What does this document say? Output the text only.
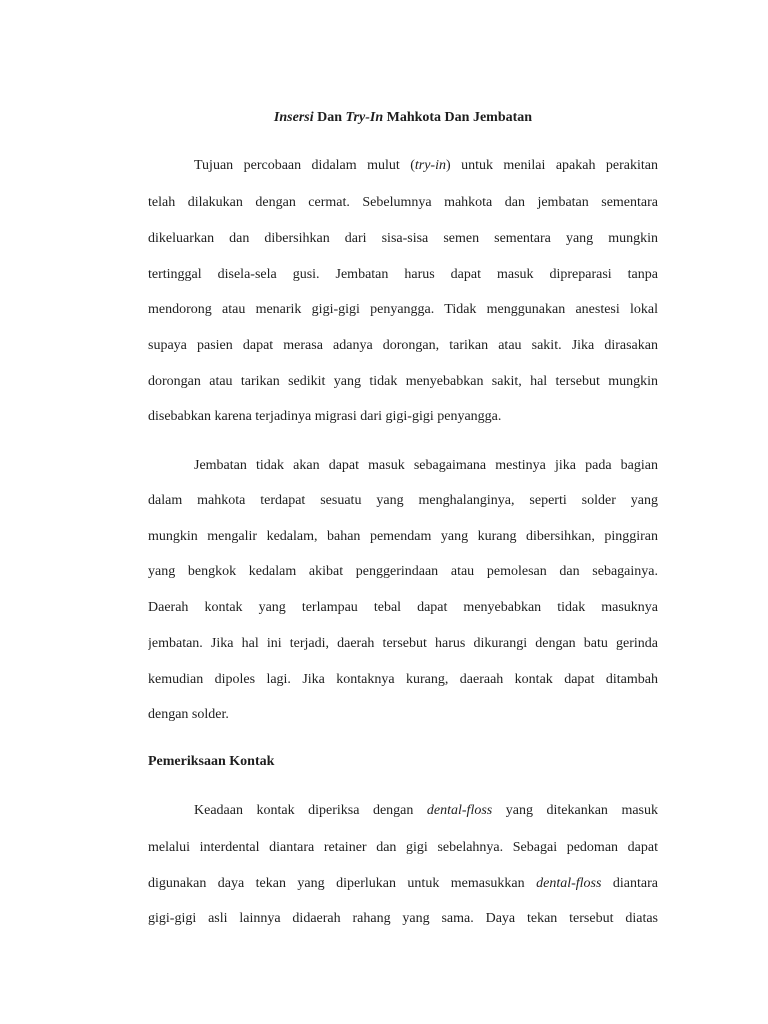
Insersi Dan Try-In Mahkota Dan Jembatan
Tujuan percobaan didalam mulut (try-in) untuk menilai apakah perakitan
telah dilakukan dengan cermat. Sebelumnya mahkota dan jembatan sementara
dikeluarkan dan dibersihkan dari sisa-sisa semen sementara yang mungkin
tertinggal disela-sela gusi. Jembatan harus dapat masuk dipreparasi tanpa
mendorong atau menarik gigi-gigi penyangga. Tidak menggunakan anestesi lokal
supaya pasien dapat merasa adanya dorongan, tarikan atau sakit. Jika dirasakan
dorongan atau tarikan sedikit yang tidak menyebabkan sakit, hal tersebut mungkin
disebabkan karena terjadinya migrasi dari gigi-gigi penyangga.
Jembatan tidak akan dapat masuk sebagaimana mestinya jika pada bagian
dalam mahkota terdapat sesuatu yang menghalanginya, seperti solder yang
mungkin mengalir kedalam, bahan pemendam yang kurang dibersihkan, pinggiran
yang bengkok kedalam akibat penggerindaan atau pemolesan dan sebagainya.
Daerah kontak yang terlampau tebal dapat menyebabkan tidak masuknya
jembatan. Jika hal ini terjadi, daerah tersebut harus dikurangi dengan batu gerinda
kemudian dipoles lagi. Jika kontaknya kurang, daeraah kontak dapat ditambah
dengan solder.
Pemeriksaan Kontak
Keadaan kontak diperiksa dengan dental-floss yang ditekankan masuk
melalui interdental diantara retainer dan gigi sebelahnya. Sebagai pedoman dapat
digunakan daya tekan yang diperlukan untuk memasukkan dental-floss diantara
gigi-gigi asli lainnya didaerah rahang yang sama. Daya tekan tersebut diatas
